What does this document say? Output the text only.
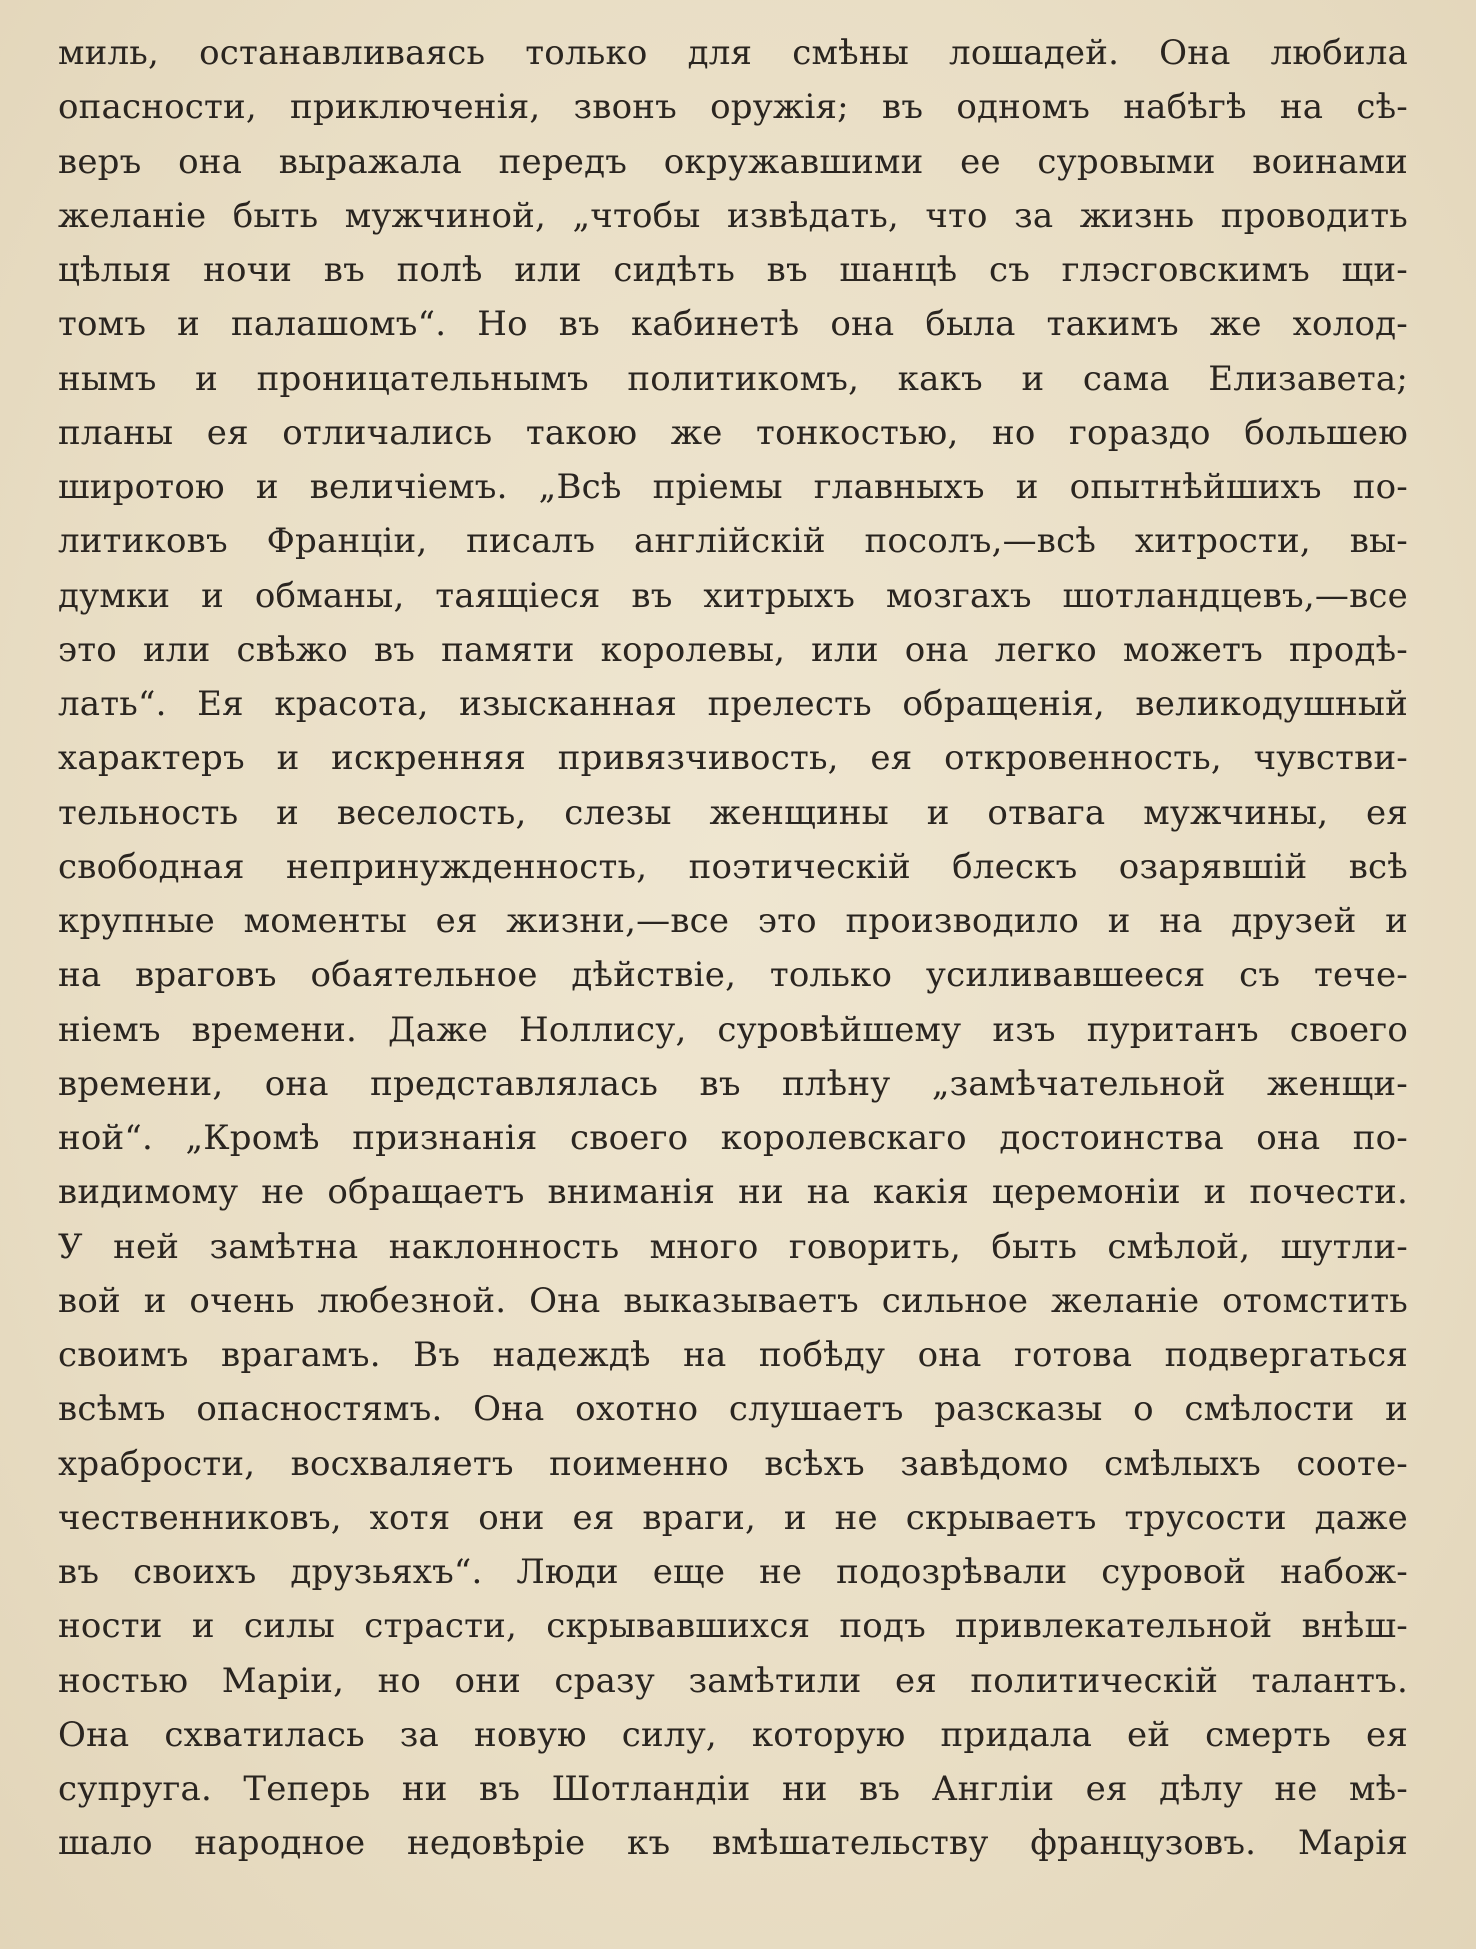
миль, останавливаясь только для смѣны лошадей. Она любила
опасности, приключенія, звонъ оружія; въ одномъ набѣгѣ на сѣ-
веръ она выражала передъ окружавшими ее суровыми воинами
желаніе быть мужчиной, „чтобы извѣдать, что за жизнь проводить
цѣлыя ночи въ полѣ или сидѣть въ шанцѣ съ глэсговскимъ щи-
томъ и палашомъ“. Но въ кабинетѣ она была такимъ же холод-
нымъ и проницательнымъ политикомъ, какъ и сама Елизавета;
планы ея отличались такою же тонкостью, но гораздо большею
широтою и величіемъ. „Всѣ пріемы главныхъ и опытнѣйшихъ по-
литиковъ Франціи, писалъ англійскій посолъ,—всѣ хитрости, вы-
думки и обманы, таящіеся въ хитрыхъ мозгахъ шотландцевъ,—все
это или свѣжо въ памяти королевы, или она легко можетъ продѣ-
лать“. Ея красота, изысканная прелесть обращенія, великодушный
характеръ и искренняя привязчивость, ея откровенность, чувстви-
тельность и веселость, слезы женщины и отвага мужчины, ея
свободная непринужденность, поэтическій блескъ озарявшій всѣ
крупные моменты ея жизни,—все это производило и на друзей и
на враговъ обаятельное дѣйствіе, только усиливавшееся съ тече-
ніемъ времени. Даже Ноллису, суровѣйшему изъ пуританъ своего
времени, она представлялась въ плѣну „замѣчательной женщи-
ной“. „Кромѣ признанія своего королевскаго достоинства она по-
видимому не обращаетъ вниманія ни на какія церемоніи и почести.
У ней замѣтна наклонность много говорить, быть смѣлой, шутли-
вой и очень любезной. Она выказываетъ сильное желаніе отомстить
своимъ врагамъ. Въ надеждѣ на побѣду она готова подвергаться
всѣмъ опасностямъ. Она охотно слушаетъ разсказы о смѣлости и
храбрости, восхваляетъ поименно всѣхъ завѣдомо смѣлыхъ сооте-
чественниковъ, хотя они ея враги, и не скрываетъ трусости даже
въ своихъ друзьяхъ“. Люди еще не подозрѣвали суровой набож-
ности и силы страсти, скрывавшихся подъ привлекательной внѣш-
ностью Маріи, но они сразу замѣтили ея политическій талантъ.
Она схватилась за новую силу, которую придала ей смерть ея
супруга. Теперь ни въ Шотландіи ни въ Англіи ея дѣлу не мѣ-
шало народное недовѣріе къ вмѣшательству французовъ. Марія
